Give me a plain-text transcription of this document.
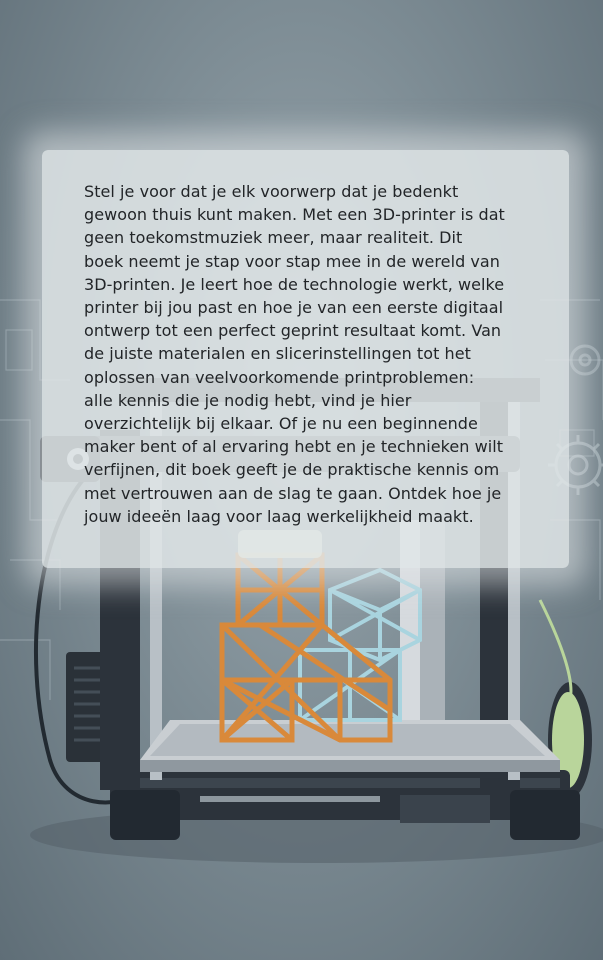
Stel je voor dat je elk voorwerp dat je bedenkt
gewoon thuis kunt maken. Met een 3D-printer is dat
geen toekomstmuziek meer, maar realiteit. Dit
boek neemt je stap voor stap mee in de wereld van
3D-printen. Je leert hoe de technologie werkt, welke
printer bij jou past en hoe je van een eerste digitaal
ontwerp tot een perfect geprint resultaat komt. Van
de juiste materialen en slicerinstellingen tot het
oplossen van veelvoorkomende printproblemen:
alle kennis die je nodig hebt, vind je hier
overzichtelijk bij elkaar. Of je nu een beginnende
maker bent of al ervaring hebt en je technieken wilt
verfijnen, dit boek geeft je de praktische kennis om
met vertrouwen aan de slag te gaan. Ontdek hoe je
jouw ideeën laag voor laag werkelijkheid maakt.
